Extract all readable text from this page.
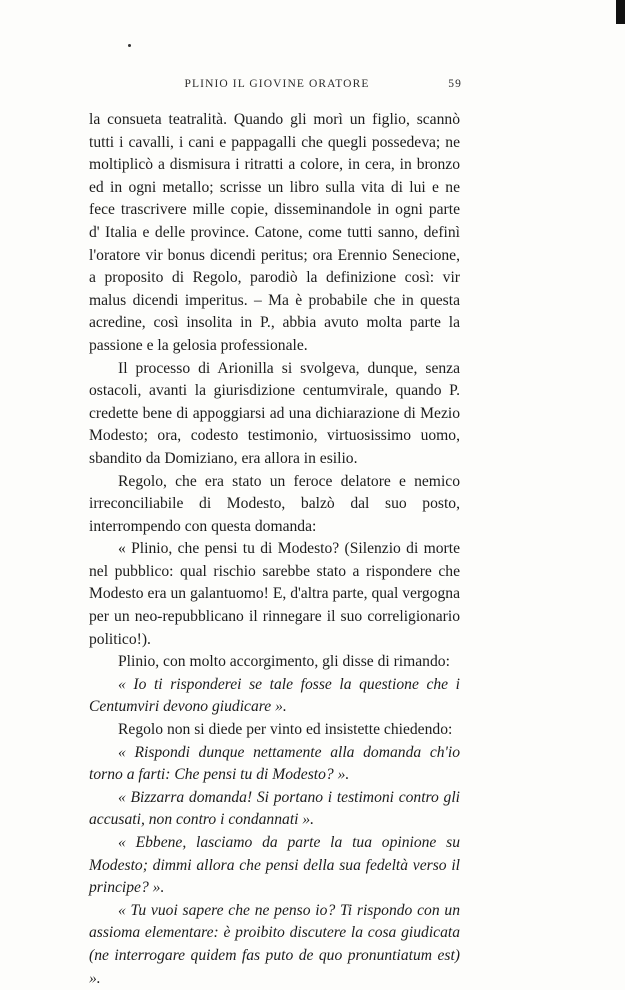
PLINIO IL GIOVINE ORATORE	59

la consueta teatralità. Quando gli morì un figlio, scannò tutti i cavalli, i cani e pappagalli che quegli possedeva; ne moltiplicò a dismisura i ritratti a colore, in cera, in bronzo ed in ogni metallo; scrisse un libro sulla vita di lui e ne fece trascrivere mille copie, disseminandole in ogni parte d' Italia e delle province. Catone, come tutti sanno, definì l'oratore vir bonus dicendi peritus; ora Erennio Senecione, a proposito di Regolo, parodiò la definizione così: vir malus dicendi imperitus. – Ma è probabile che in questa acredine, così insolita in P., abbia avuto molta parte la passione e la gelosia professionale.

Il processo di Arionilla si svolgeva, dunque, senza ostacoli, avanti la giurisdizione centumvirale, quando P. credette bene di appoggiarsi ad una dichiarazione di Mezio Modesto; ora, codesto testimonio, virtuosissimo uomo, sbandito da Domiziano, era allora in esilio.

Regolo, che era stato un feroce delatore e nemico irreconciliabile di Modesto, balzò dal suo posto, interrompendo con questa domanda:

« Plinio, che pensi tu di Modesto? (Silenzio di morte nel pubblico: qual rischio sarebbe stato a rispondere che Modesto era un galantuomo! E, d'altra parte, qual vergogna per un neo-repubblicano il rinnegare il suo correligionario politico!).

Plinio, con molto accorgimento, gli disse di rimando:

« Io ti risponderei se tale fosse la questione che i Centumviri devono giudicare ».

Regolo non si diede per vinto ed insistette chiedendo:

« Rispondi dunque nettamente alla domanda ch'io torno a farti: Che pensi tu di Modesto? ».

« Bizzarra domanda! Si portano i testimoni contro gli accusati, non contro i condannati ».

« Ebbene, lasciamo da parte la tua opinione su Modesto; dimmi allora che pensi della sua fedeltà verso il principe? ».

« Tu vuoi sapere che ne penso io? Ti rispondo con un assioma elementare: è proibito discutere la cosa giudicata (ne interrogare quidem fas puto de quo pronuntiatum est) ».
